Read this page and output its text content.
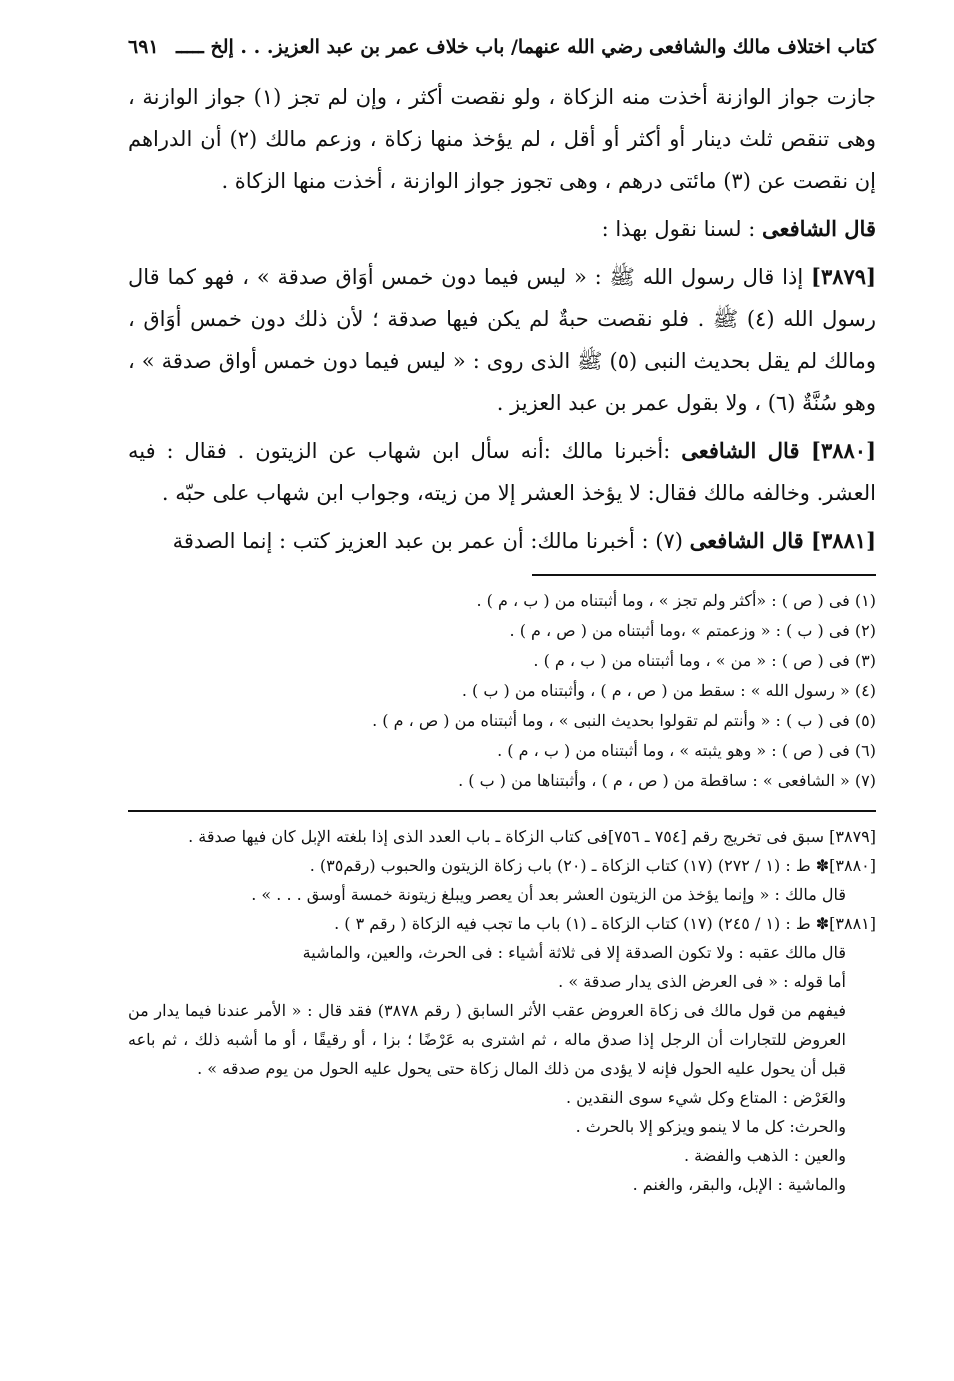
كتاب اختلاف مالك والشافعى رضي الله عنهما/ باب خلاف عمر بن عبد العزيز. . . إلخ ـــــ
٦٩١

جازت جواز الوازنة أخذت منه الزكاة ، ولو نقصت أكثر ، وإن لم تجز (١) جواز الوازنة ، وهى تنقص ثلث دينار أو أكثر أو أقل ، لم يؤخذ منها زكاة ، وزعم مالك (٢) أن الدراهم إن نقصت عن (٣) مائتى درهم ، وهى تجوز جواز الوازنة ، أخذت منها الزكاة .

قال الشافعى : لسنا نقول بهذا :

[٣٨٧٩] إذا قال رسول الله ﷺ : « ليس فيما دون خمس أوَاق صدقة » ، فهو كما قال رسول الله (٤) ﷺ . فلو نقصت حبةٌ لم يكن فيها صدقة ؛ لأن ذلك دون خمس أوَاق ، ومالك لم يقل بحديث النبى (٥) ﷺ الذى روى : « ليس فيما دون خمس أواق صدقة » ، وهو سُنَّةٌ (٦) ، ولا بقول عمر بن عبد العزيز .

[٣٨٨٠] قال الشافعى :أخبرنا مالك :أنه سأل ابن شهاب عن الزيتون . فقال : فيه العشر. وخالفه مالك فقال: لا يؤخذ العشر إلا من زيته، وجواب ابن شهاب على حبّه .

[٣٨٨١] قال الشافعى (٧) : أخبرنا مالك: أن عمر بن عبد العزيز كتب : إنما الصدقة

(١) فى ( ص ) : «أكثر ولم تجز » ، وما أثبتناه من ( ب ، م ) .

(٢) فى ( ب ) : « وزعمتم » ،وما أثبتناه من ( ص ، م ) .

(٣) فى ( ص ) : « من » ، وما أثبتناه من ( ب ، م ) .

(٤) « رسول الله » : سقط من ( ص ، م ) ، وأثبتناه من ( ب ) .

(٥) فى ( ب ) : « وأنتم لم تقولوا بحديث النبى » ، وما أثبتناه من ( ص ، م ) .

(٦) فى ( ص ) : « وهو يثبته » ، وما أثبتناه من ( ب ، م ) .

(٧) « الشافعى » : ساقطة من ( ص ، م ) ، وأثبتناها من ( ب ) .

[٣٨٧٩] سبق فى تخريج رقم [٧٥٤ ـ ٧٥٦]فى كتاب الزكاة ـ باب العدد الذى إذا بلغته الإبل كان فيها صدقة .

[٣٨٨٠]✽ ط : (١ / ٢٧٢) (١٧) كتاب الزكاة ـ (٢٠) باب زكاة الزيتون والحبوب (رقم٣٥) .

قال مالك : « وإنما يؤخذ من الزيتون العشر بعد أن يعصر ويبلغ زيتونة خمسة أوسق . . . » .

[٣٨٨١]✽ ط : (١ / ٢٤٥) (١٧) كتاب الزكاة ـ (١) باب ما تجب فيه الزكاة ( رقم ٣ ) .

قال مالك عقبه : ولا تكون الصدقة إلا فى ثلاثة أشياء : فى الحرث، والعين، والماشية

أما قوله : « فى العرض الذى يدار صدقة » .

فيفهم من قول مالك فى زكاة العروض عقب الأثر السابق ( رقم ٣٨٧٨) فقد قال : « الأمر عندنا فيما يدار من العروض للتجارات أن الرجل إذا صدق ماله ، ثم اشترى به عَرْضًا ؛ بزا ، أو رقيقًا ، أو ما أشبه ذلك ، ثم باعه قبل أن يحول عليه الحول فإنه لا يؤدى من ذلك المال زكاة حتى يحول عليه الحول من يوم صدقه » .

والعَرْض : المتاع وكل شيء سوى النقدين .

والحرث: كل ما لا ينمو ويزكو إلا بالحرث .

والعين : الذهب والفضة .

والماشية : الإبل، والبقر، والغنم .
